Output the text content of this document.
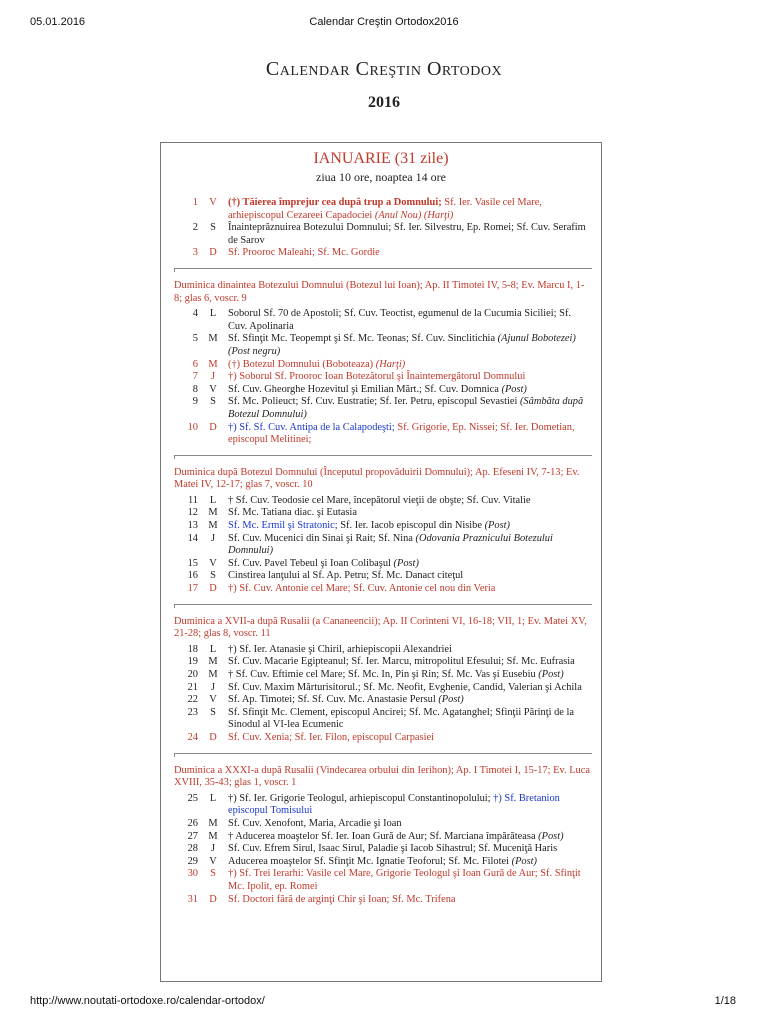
05.01.2016	Calendar Creştin Ortodox2016
Calendar Creştin Ortodox
2016
IANUARIE (31 zile)
ziua 10 ore, noaptea 14 ore
1	V	(†) Tăierea împrejur cea după trup a Domnului; Sf. Ier. Vasile cel Mare, arhiepiscopul Cezareei Capadociei (Anul Nou) (Harţi)
2	S	Înainteprăznuirea Botezului Domnului; Sf. Ier. Silvestru, Ep. Romei; Sf. Cuv. Serafim de Sarov
3	D	Sf. Prooroc Maleahi; Sf. Mc. Gordie
Duminica dinaintea Botezului Domnului (Botezul lui Ioan); Ap. II Timotei IV, 5-8; Ev. Marcu I, 1-8; glas 6, voscr. 9
4	L	Soborul Sf. 70 de Apostoli; Sf. Cuv. Teoctist, egumenul de la Cucumia Siciliei; Sf. Cuv. Apolinaria
5 M Sf. Sfinţit Mc. Teopempt şi Sf. Mc. Teonas; Sf. Cuv. Sinclitichia (Ajunul Bobotezei) (Post negru)
6 M (†) Botezul Domnului (Boboteaza) (Harţi)
7	J	†) Soborul Sf. Prooroc Ioan Botezătorul şi Înaintemergătorul Domnului
8	V	Sf. Cuv. Gheorghe Hozevitul şi Emilian Mărt.; Sf. Cuv. Domnica (Post)
9	S	Sf. Mc. Polieuct; Sf. Cuv. Eustratie; Sf. Ier. Petru, episcopul Sevastiei (Sâmbăta după Botezul Domnului)
10	D	†) Sf. Sf. Cuv. Antipa de la Calapodeşti; Sf. Grigorie, Ep. Nissei; Sf. Ier. Dometian, episcopul Melitinei;
Duminica după Botezul Domnului (Începutul propovăduirii Domnului); Ap. Efeseni IV, 7-13; Ev. Matei IV, 12-17; glas 7, voscr. 10
11	L	† Sf. Cuv. Teodosie cel Mare, începătorul vieţii de obşte; Sf. Cuv. Vitalie
12 M Sf. Mc. Tatiana diac. şi Eutasia
13 M Sf. Mc. Ermil şi Stratonic; Sf. Ier. Iacob episcopul din Nisibe (Post)
14	J	Sf. Cuv. Mucenici din Sinai şi Rait; Sf. Nina (Odovania Praznicului Botezului Domnului)
15	V	Sf. Cuv. Pavel Tebeul şi Ioan Colibaşul (Post)
16	S	Cinstirea lanţului al Sf. Ap. Petru; Sf. Mc. Danact citeţul
17	D	†) Sf. Cuv. Antonie cel Mare; Sf. Cuv. Antonie cel nou din Veria
Duminica a XVII-a după Rusalii (a Cananeencii); Ap. II Corinteni VI, 16-18; VII, 1; Ev. Matei XV, 21-28; glas 8, voscr. 11
18	L	†) Sf. Ier. Atanasie şi Chiril, arhiepiscopii Alexandriei
19 M Sf. Cuv. Macarie Egipteanul; Sf. Ier. Marcu, mitropolitul Efesului; Sf. Mc. Eufrasia
20 M † Sf. Cuv. Eftimie cel Mare; Sf. Mc. In, Pin şi Rin; Sf. Mc. Vas şi Eusebiu (Post)
21	J	Sf. Cuv. Maxim Mărturisitorul.; Sf. Mc. Neofit, Evghenie, Candid, Valerian şi Achila
22	V	Sf. Ap. Timotei; Sf. Sf. Cuv. Mc. Anastasie Persul (Post)
23	S	Sf. Sfinţit Mc. Clement, episcopul Ancirei; Sf. Mc. Agatanghel; Sfinţii Părinţi de la Sinodul al VI-lea Ecumenic
24	D	Sf. Cuv. Xenia; Sf. Ier. Filon, episcopul Carpasiei
Duminica a XXXI-a după Rusalii (Vindecarea orbului din Ierihon); Ap. I Timotei I, 15-17; Ev. Luca XVIII, 35-43; glas 1, voscr. 1
25	L	†) Sf. Ier. Grigorie Teologul, arhiepiscopul Constantinopolului; †) Sf. Bretanion episcopul Tomisului
26 M Sf. Cuv. Xenofont, Maria, Arcadie şi Ioan
27 M † Aducerea moaştelor Sf. Ier. Ioan Gură de Aur; Sf. Marciana împărăteasa (Post)
28	J	Sf. Cuv. Efrem Sirul, Isaac Sirul, Paladie şi Iacob Sihastrul; Sf. Muceniţă Haris
29	V	Aducerea moaştelor Sf. Sfinţit Mc. Ignatie Teoforul; Sf. Mc. Filotei (Post)
30	S	†) Sf. Trei Ierarhi: Vasile cel Mare, Grigorie Teologul şi Ioan Gură de Aur; Sf. Sfinţit Mc. Ipolit, ep. Romei
31	D	Sf. Doctori fără de arginţi Chir şi Ioan; Sf. Mc. Trifena
http://www.noutati-ortodoxe.ro/calendar-ortodox/	1/18
